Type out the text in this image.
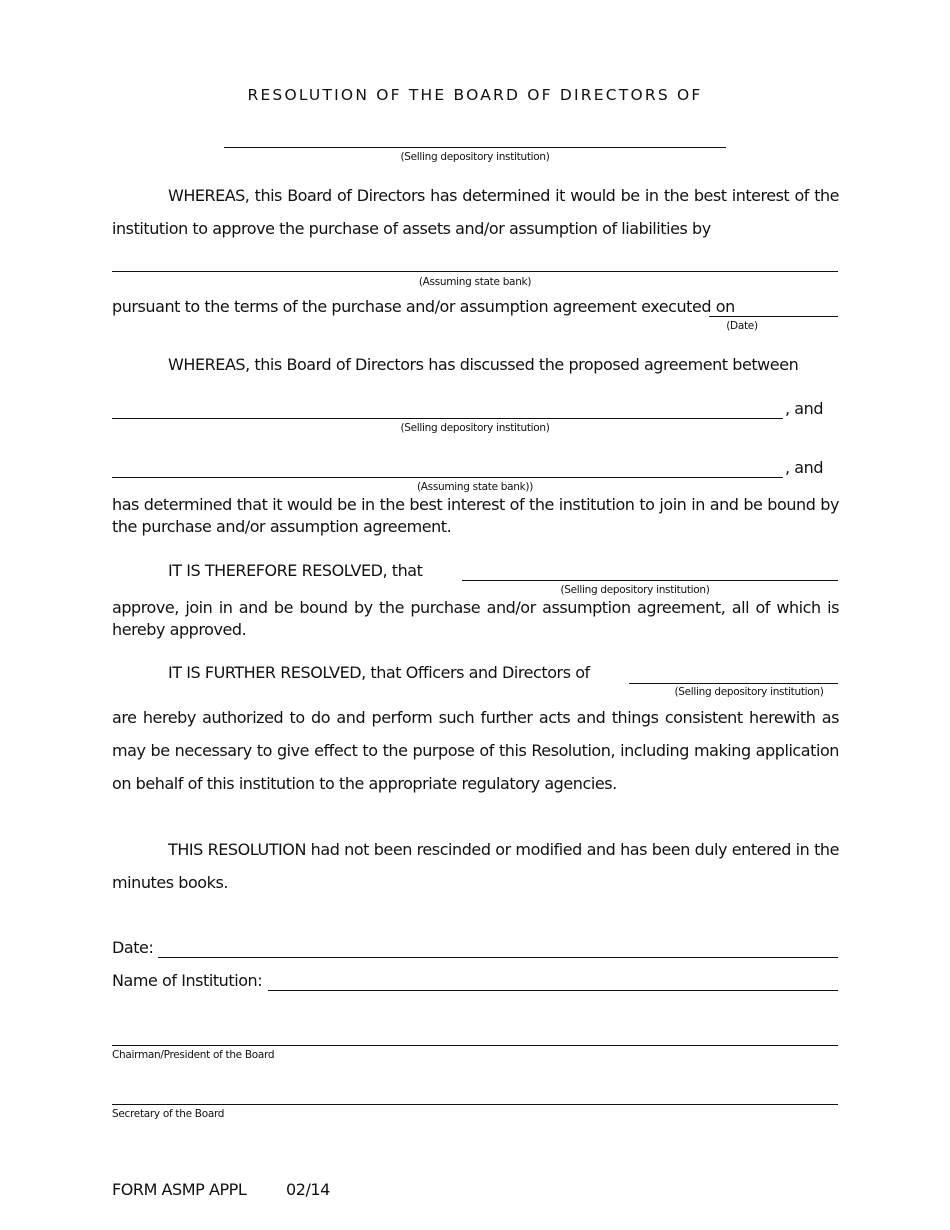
RESOLUTION OF THE BOARD OF DIRECTORS OF
(Selling depository institution)
WHEREAS, this Board of Directors has determined it would be in the best interest of the
institution to approve the purchase of assets and/or assumption of liabilities by
(Assuming state bank)
pursuant to the terms of the purchase and/or assumption agreement executed on
(Date)
WHEREAS, this Board of Directors has discussed the proposed agreement between
, and
(Selling depository institution)
, and
(Assuming state bank))
has determined that it would be in the best interest of the institution to join in and be bound by the purchase and/or assumption agreement.
IT IS THEREFORE RESOLVED, that
(Selling depository institution)
approve, join in and be bound by the purchase and/or assumption agreement, all of which is hereby approved.
IT IS FURTHER RESOLVED, that Officers and Directors of
(Selling depository institution)
are hereby authorized to do and perform such further acts and things consistent herewith as may be necessary to give effect to the purpose of this Resolution, including making application on behalf of this institution to the appropriate regulatory agencies.
THIS RESOLUTION had not been rescinded or modified and has been duly entered in the minutes books.
Date:
Name of Institution:
Chairman/President of the Board
Secretary of the Board
FORM ASMP APPL 02/14
